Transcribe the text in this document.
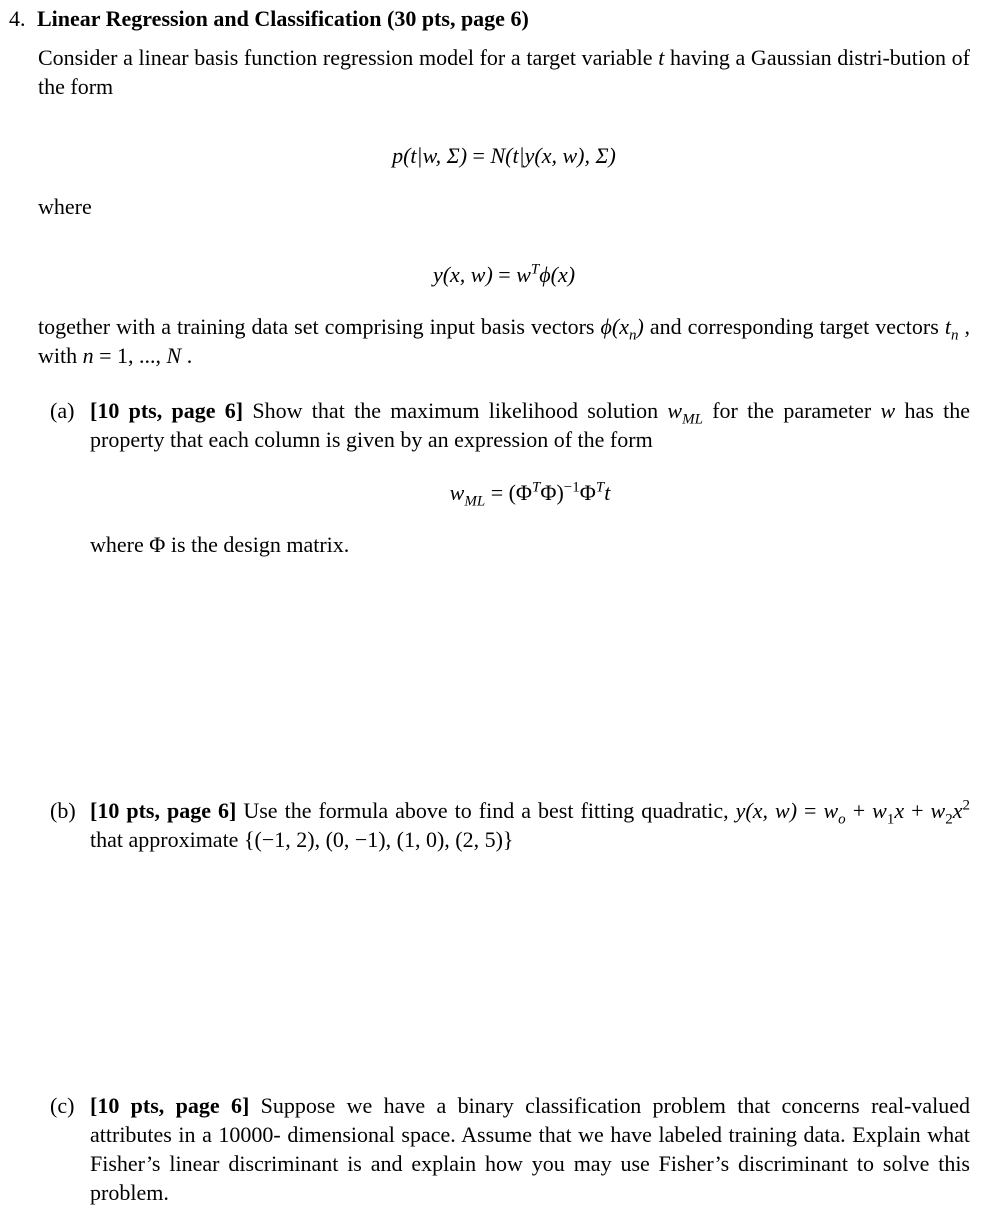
4. Linear Regression and Classification (30 pts, page 6)

Consider a linear basis function regression model for a target variable t having a Gaussian distri-bution of the form

p(t|w, Σ) = N(t|y(x, w), Σ)
where
y(x, $w) = w^T\phi(x)$

together with a training data set comprising input basis vectors $\phi(x_n)$ and corresponding target vectors $t_n$ , with n = 1, ..., N .

(a) [10 pts, page 6] Show that the maximum likelihood solution $w_{ML}$ for the parameter w has the property that each column is given by an expression of the form

$w_{ML} = (\Phi^T\Phi)^{-1}\Phi^Tt$
where Φ is the design matrix.
(b) [10 pts, page 6] Use the formula above to find a best fitting quadratic, y(x, $w) = w_o + w_1x + w_2x^2$ that approximate {(−1, 2), (0, −1), (1, 0), (2, 5)}

(c) [10 pts, page 6] Suppose we have a binary classification problem that concerns real-valued attributes in a 10000- dimensional space. Assume that we have labeled training data. Explain what Fisher’s linear discriminant is and explain how you may use Fisher’s discriminant to solve this problem.
